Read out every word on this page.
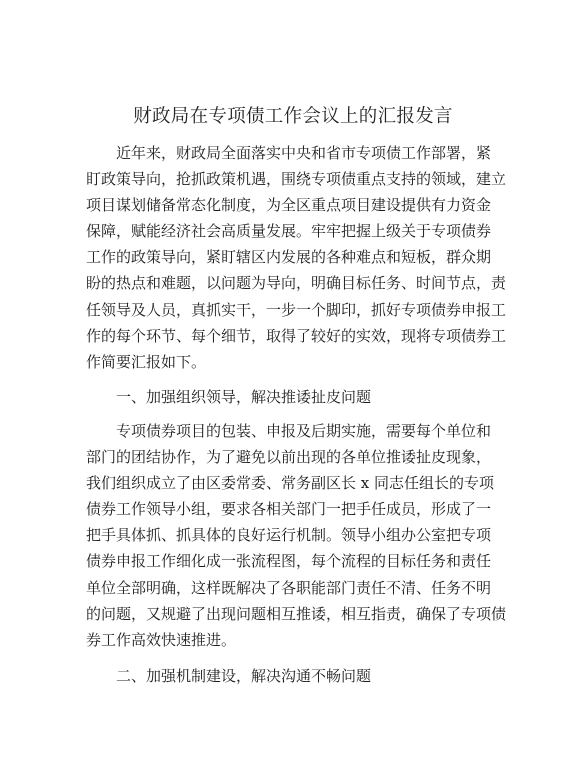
财政局在专项债工作会议上的汇报发言

近年来，财政局全面落实中央和省市专项债工作部署，紧
盯政策导向，抢抓政策机遇，围绕专项债重点支持的领域，建立
项目谋划储备常态化制度，为全区重点项目建设提供有力资金
保障，赋能经济社会高质量发展。牢牢把握上级关于专项债券
工作的政策导向，紧盯辖区内发展的各种难点和短板，群众期
盼的热点和难题，以问题为导向，明确目标任务、时间节点，责
任领导及人员，真抓实干，一步一个脚印，抓好专项债券申报工
作的每个环节、每个细节，取得了较好的实效，现将专项债券工
作简要汇报如下。

一、加强组织领导，解决推诿扯皮问题

专项债券项目的包装、申报及后期实施，需要每个单位和
部门的团结协作，为了避免以前出现的各单位推诿扯皮现象，
我们组织成立了由区委常委、常务副区长 x 同志任组长的专项
债券工作领导小组，要求各相关部门一把手任成员，形成了一
把手具体抓、抓具体的良好运行机制。领导小组办公室把专项
债券申报工作细化成一张流程图，每个流程的目标任务和责任
单位全部明确，这样既解决了各职能部门责任不清、任务不明
的问题，又规避了出现问题相互推诿，相互指责，确保了专项债
券工作高效快速推进。

二、加强机制建设，解决沟通不畅问题
